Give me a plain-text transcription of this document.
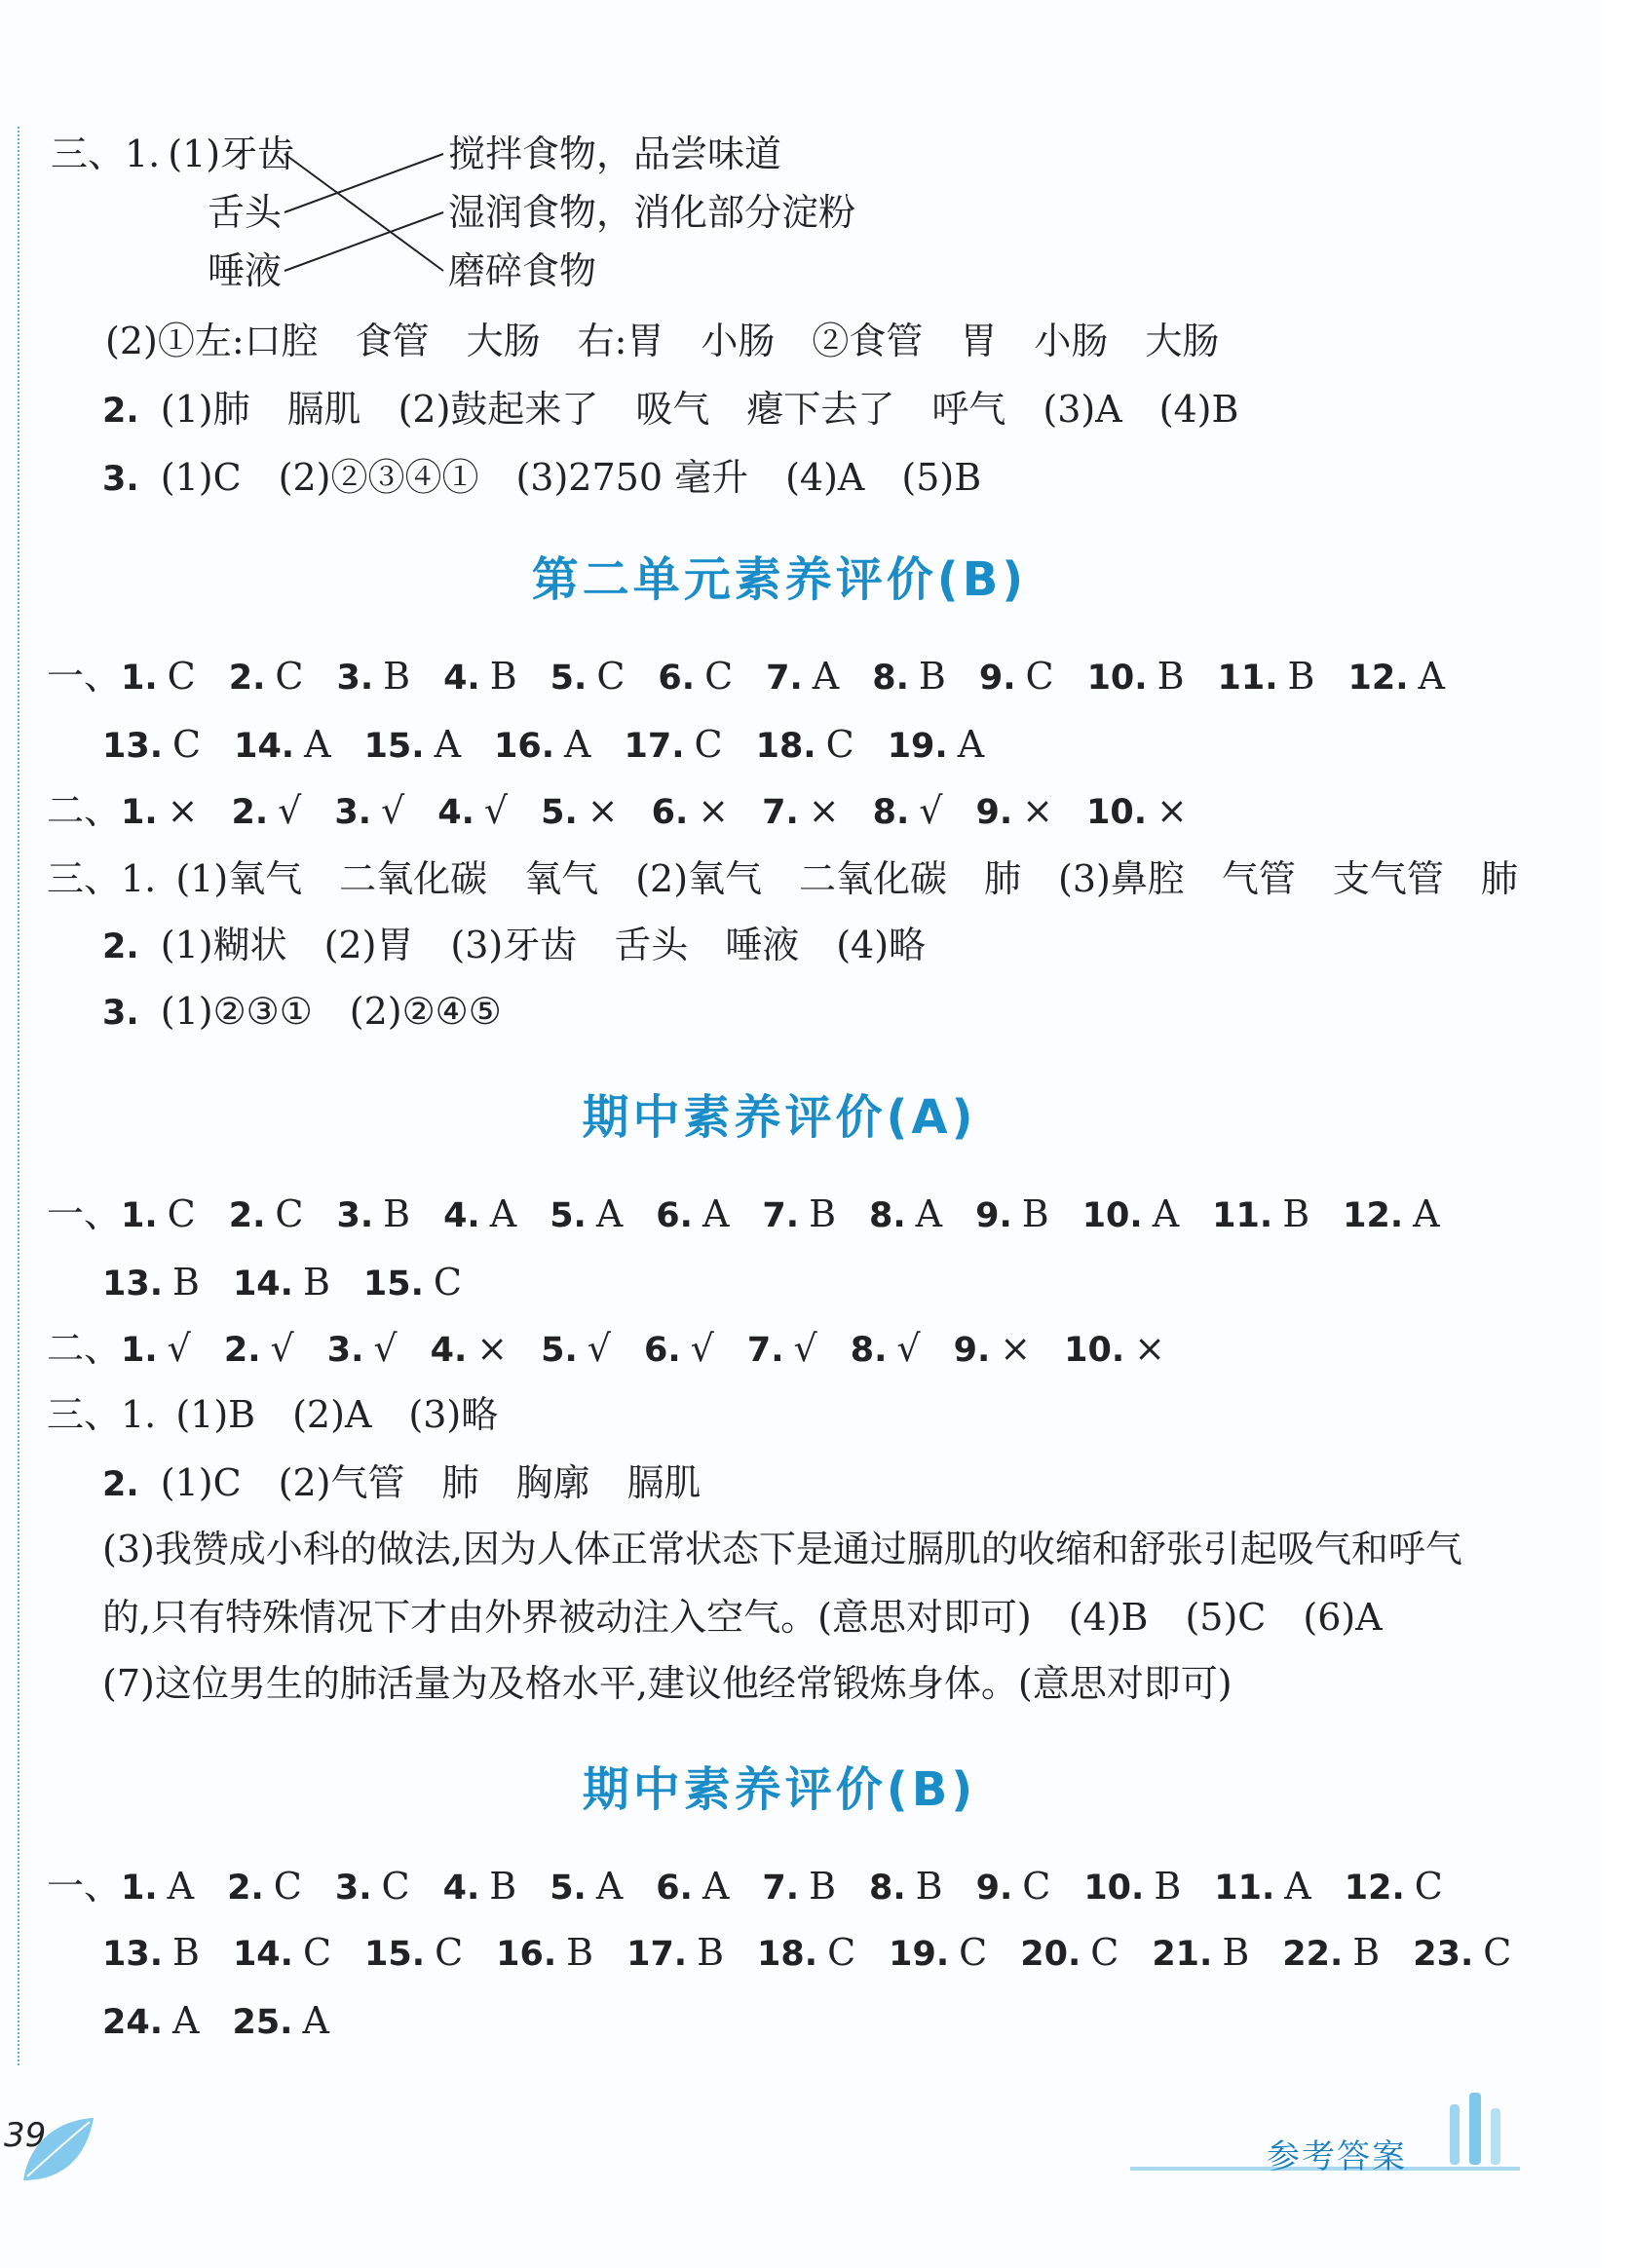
三、1. (1)牙齿
舌头
唾液
搅拌食物，品尝味道
湿润食物，消化部分淀粉
磨碎食物
(2)①左:口腔　食管　大肠　右:胃　小肠　②食管　胃　小肠　大肠
2. (1)肺　膈肌　(2)鼓起来了　吸气　瘪下去了　呼气　(3)A　(4)B
3. (1)C　(2)②③④①　(3)2750 毫升　(4)A　(5)B
第二单元素养评价(B)
一、1. C 2. C 3. B 4. B 5. C 6. C 7. A 8. B 9. C 10. B 11. B 12. A
13. C 14. A 15. A 16. A 17. C 18. C 19. A
二、1. × 2. √ 3. √ 4. √ 5. × 6. × 7. × 8. √ 9. × 10. ×
三、1. (1)氧气　二氧化碳　氧气　(2)氧气　二氧化碳　肺　(3)鼻腔　气管　支气管　肺
2. (1)糊状　(2)胃　(3)牙齿　舌头　唾液　(4)略
3. (1)②③①　(2)②④⑤
期中素养评价(A)
一、1. C 2. C 3. B 4. A 5. A 6. A 7. B 8. A 9. B 10. A 11. B 12. A
13. B 14. B 15. C
二、1. √ 2. √ 3. √ 4. × 5. √ 6. √ 7. √ 8. √ 9. × 10. ×
三、1. (1)B　(2)A　(3)略
2. (1)C　(2)气管　肺　胸廓　膈肌
(3)我赞成小科的做法,因为人体正常状态下是通过膈肌的收缩和舒张引起吸气和呼气
的,只有特殊情况下才由外界被动注入空气。(意思对即可)　(4)B　(5)C　(6)A
(7)这位男生的肺活量为及格水平,建议他经常锻炼身体。(意思对即可)
期中素养评价(B)
一、1. A 2. C 3. C 4. B 5. A 6. A 7. B 8. B 9. C 10. B 11. A 12. C
13. B 14. C 15. C 16. B 17. B 18. C 19. C 20. C 21. B 22. B 23. C
24. A 25. A
39
参考答案
